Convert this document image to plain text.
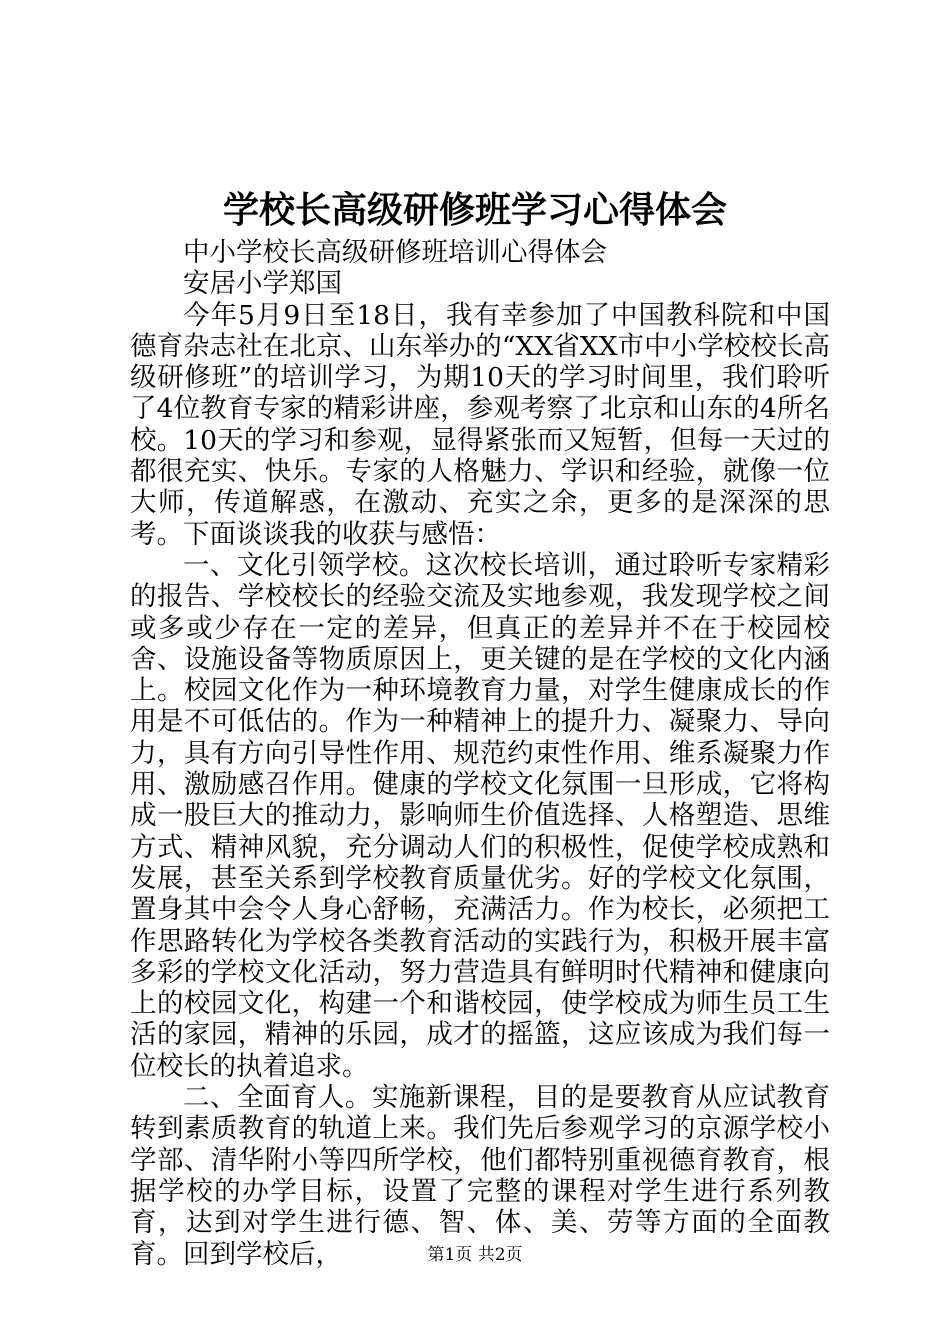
学校长高级研修班学习心得体会

中小学校长高级研修班培训心得体会

安居小学郑国

今年5月9日至18日，我有幸参加了中国教科院和中国德育杂志社在北京、山东举办的“XX省XX市中小学校校长高级研修班”的培训学习，为期10天的学习时间里，我们聆听了4位教育专家的精彩讲座，参观考察了北京和山东的4所名校。10天的学习和参观，显得紧张而又短暂，但每一天过的都很充实、快乐。专家的人格魅力、学识和经验，就像一位大师，传道解惑，在激动、充实之余，更多的是深深的思考。下面谈谈我的收获与感悟：

一、文化引领学校。这次校长培训，通过聆听专家精彩的报告、学校校长的经验交流及实地参观，我发现学校之间或多或少存在一定的差异，但真正的差异并不在于校园校舍、设施设备等物质原因上，更关键的是在学校的文化内涵上。校园文化作为一种环境教育力量，对学生健康成长的作用是不可低估的。作为一种精神上的提升力、凝聚力、导向力，具有方向引导性作用、规范约束性作用、维系凝聚力作用、激励感召作用。健康的学校文化氛围一旦形成，它将构成一股巨大的推动力，影响师生价值选择、人格塑造、思维方式、精神风貌，充分调动人们的积极性，促使学校成熟和发展，甚至关系到学校教育质量优劣。好的学校文化氛围，置身其中会令人身心舒畅，充满活力。作为校长，必须把工作思路转化为学校各类教育活动的实践行为，积极开展丰富多彩的学校文化活动，努力营造具有鲜明时代精神和健康向上的校园文化，构建一个和谐校园，使学校成为师生员工生活的家园，精神的乐园，成才的摇篮，这应该成为我们每一位校长的执着追求。

二、全面育人。实施新课程，目的是要教育从应试教育转到素质教育的轨道上来。我们先后参观学习的京源学校小学部、清华附小等四所学校，他们都特别重视德育教育，根据学校的办学目标，设置了完整的课程对学生进行系列教育，达到对学生进行德、智、体、美、劳等方面的全面教育。回到学校后，	第1页 共2页
